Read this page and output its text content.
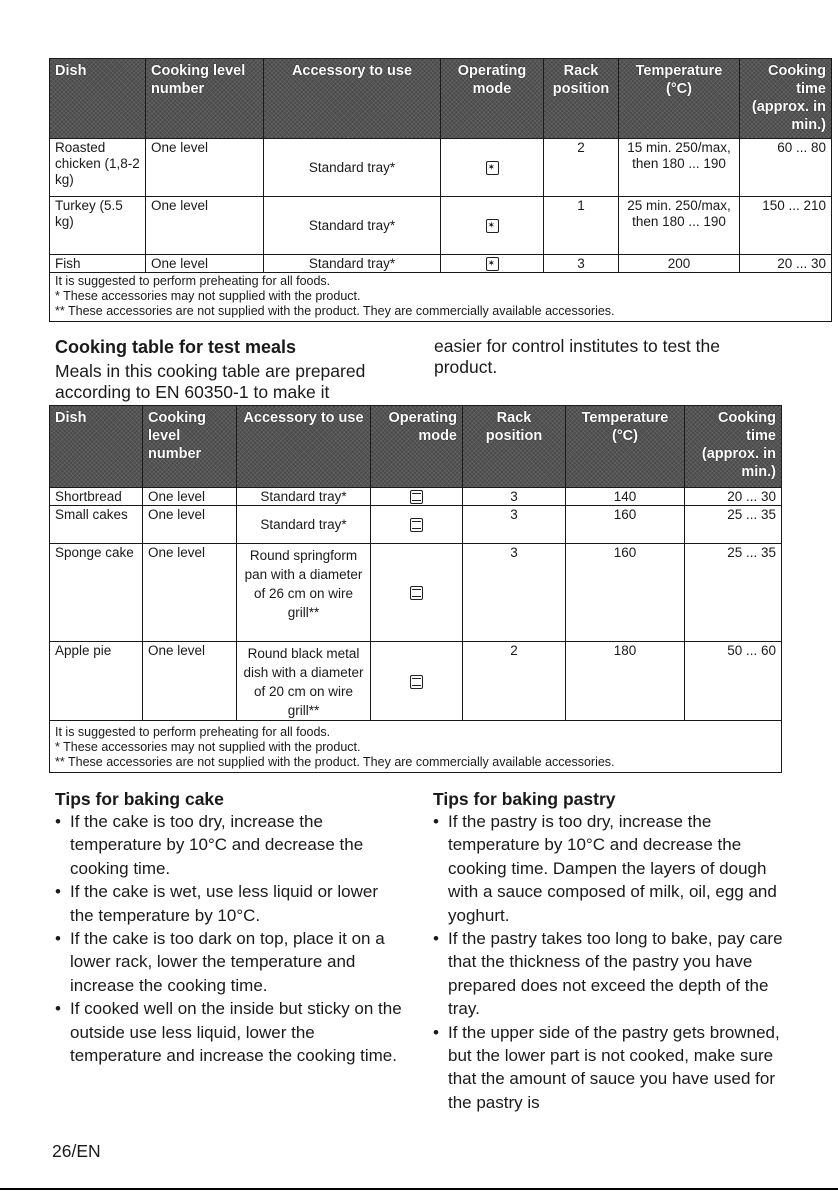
Dish	Cooking level number	Accessory to use	Operating mode	Rack position	Temperature (°C)	Cooking time (approx. in min.)
Roasted chicken (1,8-2 kg)	One level	Standard tray*	✶	2	15 min. 250/max, then 180 ... 190	60 ... 80
Turkey (5.5 kg)	One level	Standard tray*	✶	1	25 min. 250/max, then 180 ... 190	150 ... 210
Fish	One level	Standard tray*	✶	3	200	20 ... 30

It is suggested to perform preheating for all foods.
* These accessories may not supplied with the product.
** These accessories are not supplied with the product. They are commercially available accessories.						
Cooking table for test meals
Meals in this cooking table are prepared according to EN 60350-1 to make it
easier for control institutes to test the product.
Dish	Cooking level number	Accessory to use	Operating mode	Rack position	Temperature (°C)	Cooking time (approx. in min.)
Shortbread	One level	Standard tray*		3	140	20 ... 30
Small cakes	One level	Standard tray*		3	160	25 ... 35
Sponge cake	One level	Round springform pan with a diameter of 26 cm on wire grill**		3	160	25 ... 35
Apple pie	One level	Round black metal dish with a diameter of 20 cm on wire grill**		2	180	50 ... 60

It is suggested to perform preheating for all foods.
* These accessories may not supplied with the product.
** These accessories are not supplied with the product. They are commercially available accessories.						
Tips for baking cake
• If the cake is too dry, increase the temperature by 10°C and decrease the cooking time.
• If the cake is wet, use less liquid or lower the temperature by 10°C.
• If the cake is too dark on top, place it on a lower rack, lower the temperature and increase the cooking time.
• If cooked well on the inside but sticky on the outside use less liquid, lower the temperature and increase the cooking time.
Tips for baking pastry
• If the pastry is too dry, increase the temperature by 10°C and decrease the cooking time. Dampen the layers of dough with a sauce composed of milk, oil, egg and yoghurt.
• If the pastry takes too long to bake, pay care that the thickness of the pastry you have prepared does not exceed the depth of the tray.
• If the upper side of the pastry gets browned, but the lower part is not cooked, make sure that the amount of sauce you have used for the pastry is
26/EN
